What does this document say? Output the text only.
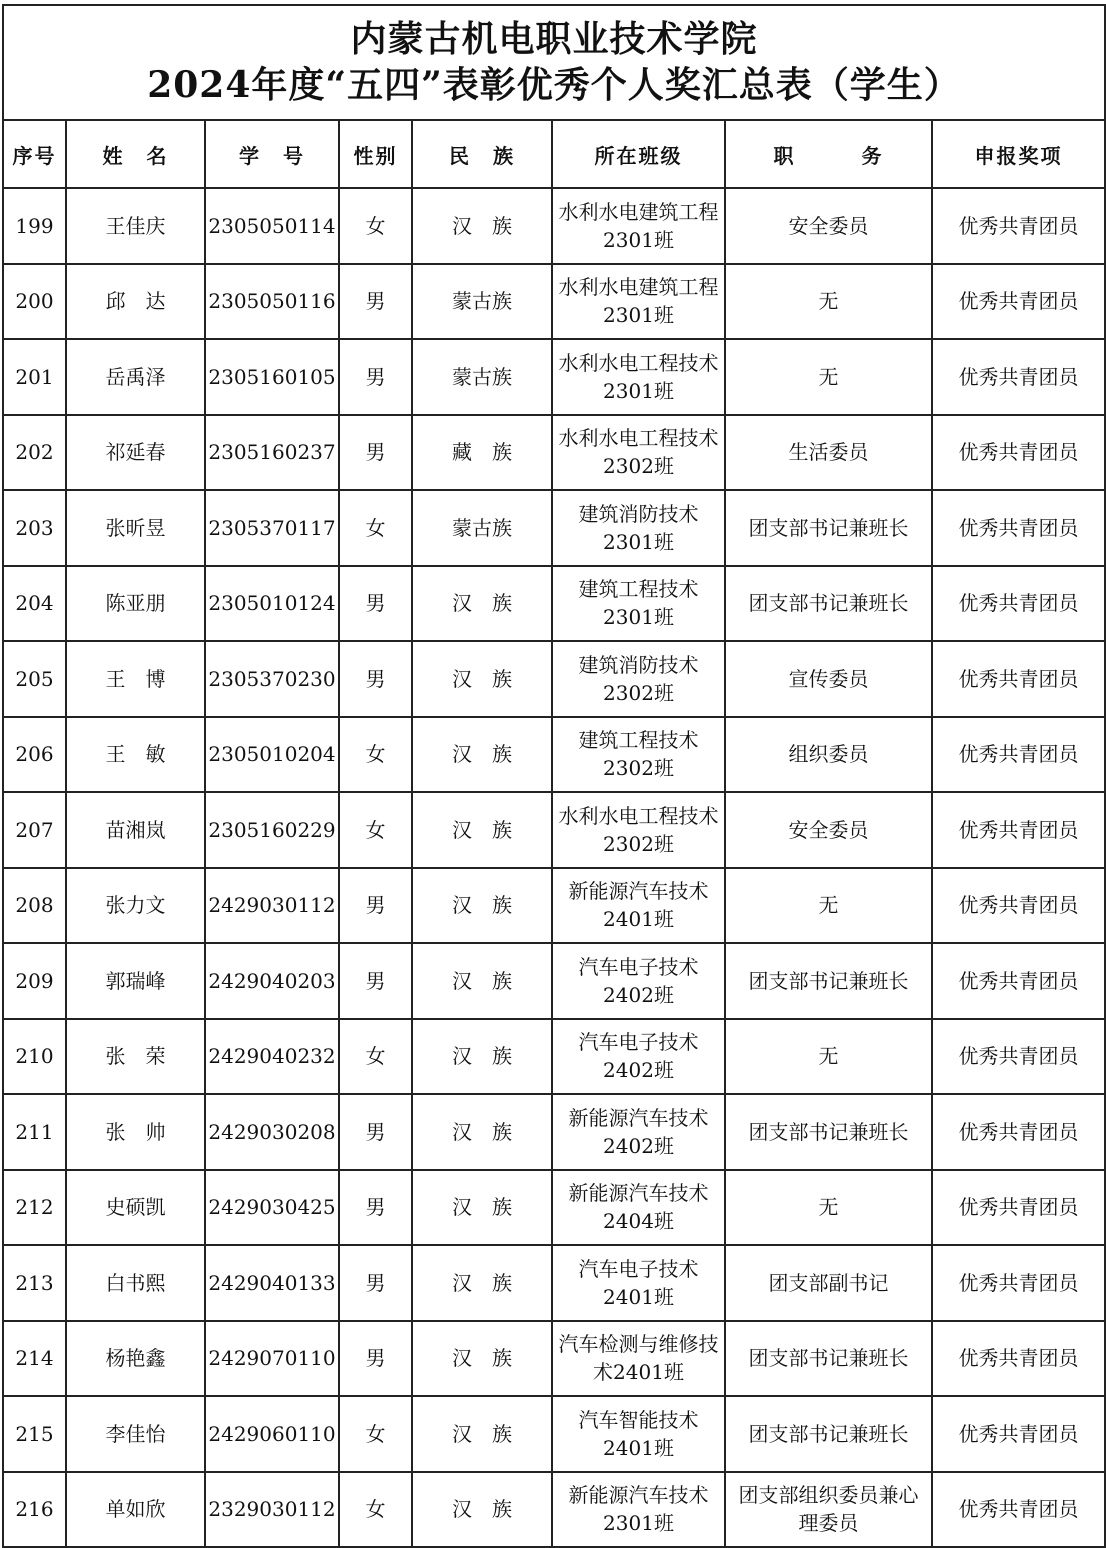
内蒙古机电职业技术学院
2024年度“五四”表彰优秀个人奖汇总表（学生）							

序号	姓　名	学　号	性别	民　族	所在班级	职　　　务	申报奖项
199	王佳庆	2305050114	女	汉　族	水利水电建筑工程2301班	安全委员	优秀共青团员
200	邱　达	2305050116	男	蒙古族	水利水电建筑工程2301班	无	优秀共青团员
201	岳禹泽	2305160105	男	蒙古族	水利水电工程技术2301班	无	优秀共青团员
202	祁延春	2305160237	男	藏　族	水利水电工程技术2302班	生活委员	优秀共青团员
203	张昕昱	2305370117	女	蒙古族	建筑消防技术2301班	团支部书记兼班长	优秀共青团员
204	陈亚朋	2305010124	男	汉　族	建筑工程技术2301班	团支部书记兼班长	优秀共青团员
205	王　博	2305370230	男	汉　族	建筑消防技术2302班	宣传委员	优秀共青团员
206	王　敏	2305010204	女	汉　族	建筑工程技术2302班	组织委员	优秀共青团员
207	苗湘岚	2305160229	女	汉　族	水利水电工程技术2302班	安全委员	优秀共青团员
208	张力文	2429030112	男	汉　族	新能源汽车技术2401班	无	优秀共青团员
209	郭瑞峰	2429040203	男	汉　族	汽车电子技术2402班	团支部书记兼班长	优秀共青团员
210	张　荣	2429040232	女	汉　族	汽车电子技术2402班	无	优秀共青团员
211	张　帅	2429030208	男	汉　族	新能源汽车技术2402班	团支部书记兼班长	优秀共青团员
212	史硕凯	2429030425	男	汉　族	新能源汽车技术2404班	无	优秀共青团员
213	白书熙	2429040133	男	汉　族	汽车电子技术2401班	团支部副书记	优秀共青团员
214	杨艳鑫	2429070110	男	汉　族	汽车检测与维修技术2401班	团支部书记兼班长	优秀共青团员
215	李佳怡	2429060110	女	汉　族	汽车智能技术2401班	团支部书记兼班长	优秀共青团员
216	单如欣	2329030112	女	汉　族	新能源汽车技术2301班	团支部组织委员兼心理委员	优秀共青团员
